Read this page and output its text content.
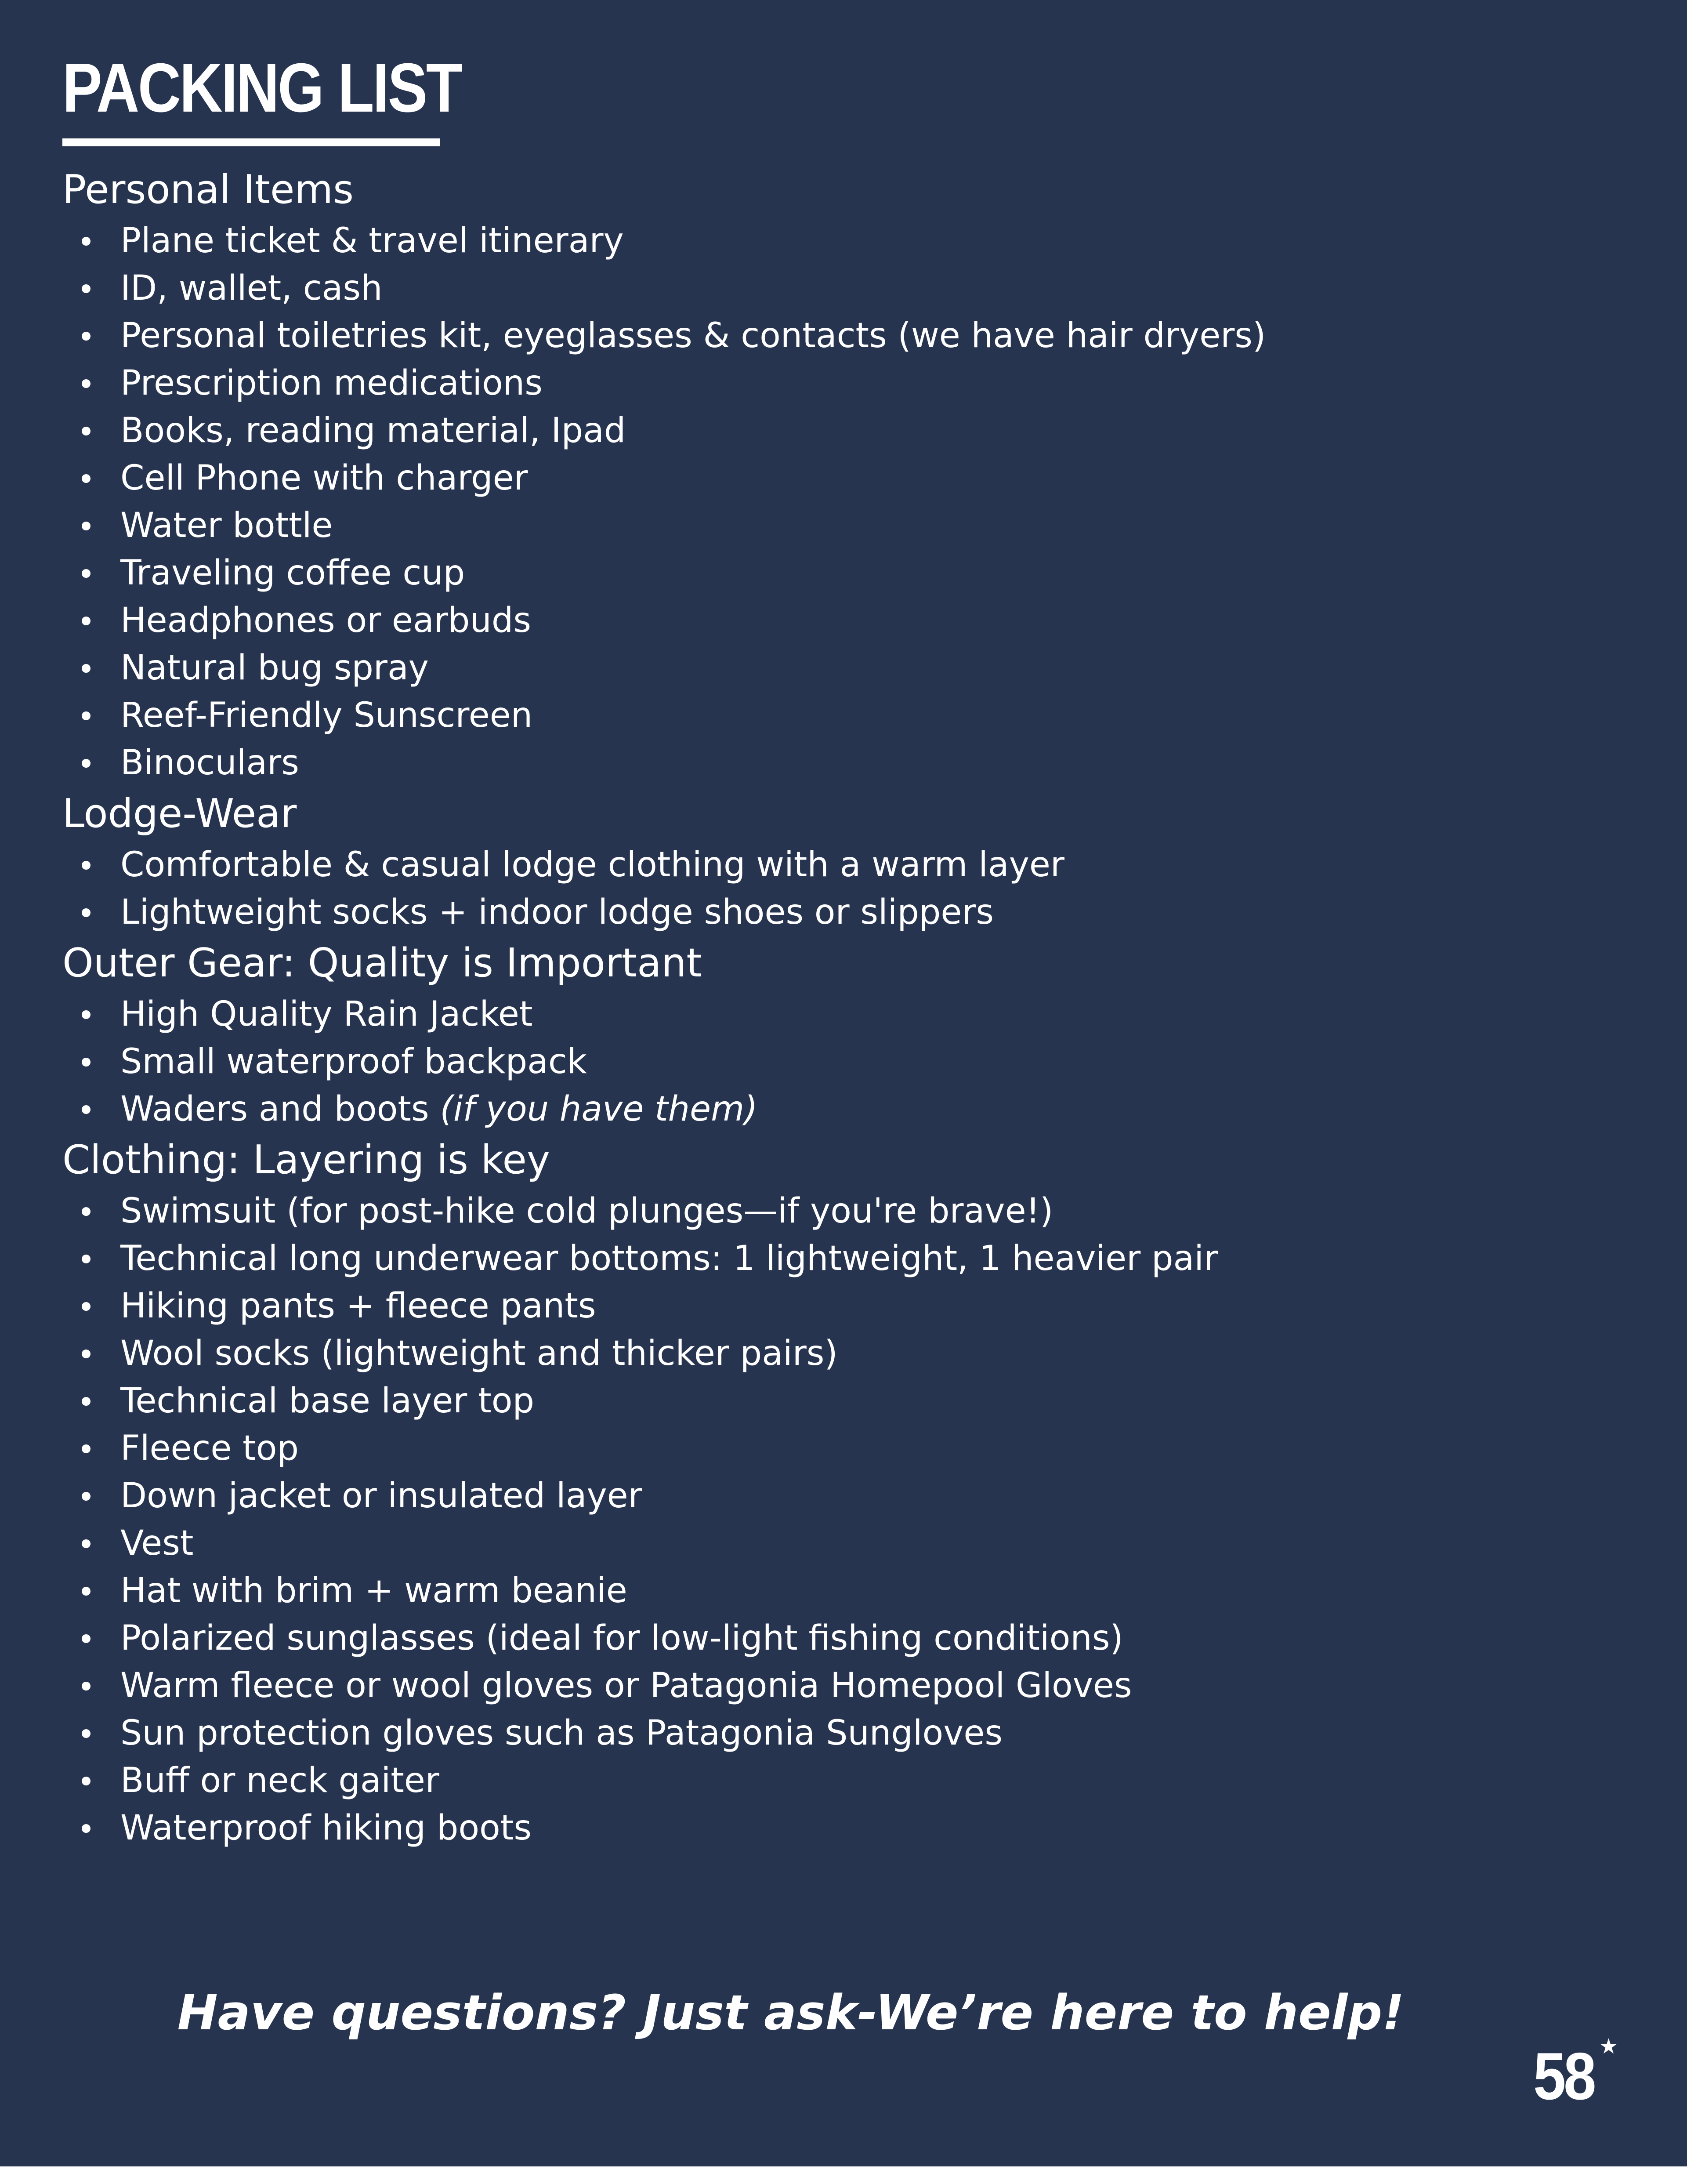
PACKING LIST
Personal Items
Plane ticket & travel itinerary
ID, wallet, cash
Personal toiletries kit, eyeglasses & contacts (we have hair dryers)
Prescription medications
Books, reading material, Ipad
Cell Phone with charger
Water bottle
Traveling coffee cup
Headphones or earbuds
Natural bug spray
Reef-Friendly Sunscreen
Binoculars
Lodge-Wear
Comfortable & casual lodge clothing with a warm layer
Lightweight socks + indoor lodge shoes or slippers
Outer Gear: Quality is Important
High Quality Rain Jacket
Small waterproof backpack
Waders and boots (if you have them)
Clothing: Layering is key
Swimsuit (for post-hike cold plunges—if you're brave!)
Technical long underwear bottoms: 1 lightweight, 1 heavier pair
Hiking pants + fleece pants
Wool socks (lightweight and thicker pairs)
Technical base layer top
Fleece top
Down jacket or insulated layer
Vest
Hat with brim + warm beanie
Polarized sunglasses (ideal for low-light fishing conditions)
Warm fleece or wool gloves or Patagonia Homepool Gloves
Sun protection gloves such as Patagonia Sungloves
Buff or neck gaiter
Waterproof hiking boots

Have questions? Just ask-We’re here to help!

58 ★
